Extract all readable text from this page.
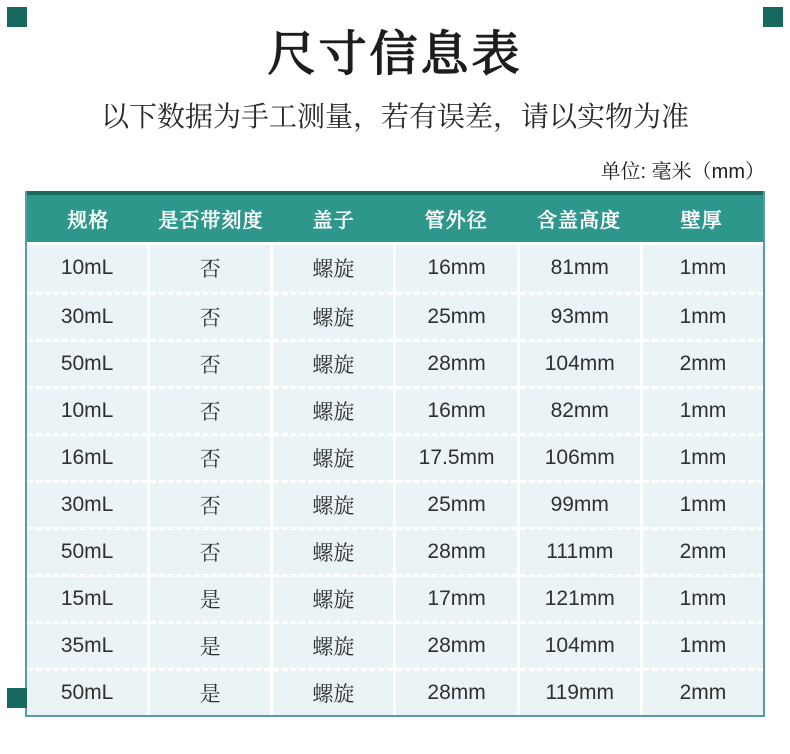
尺寸信息表

以下数据为手工测量，若有误差，请以实物为准

单位: 毫米（mm）
规格	是否带刻度	盖子	管外径	含盖高度	壁厚
10mL	否	螺旋	16mm	81mm	1mm
30mL	否	螺旋	25mm	93mm	1mm
50mL	否	螺旋	28mm	104mm	2mm
10mL	否	螺旋	16mm	82mm	1mm
16mL	否	螺旋	17.5mm	106mm	1mm
30mL	否	螺旋	25mm	99mm	1mm
50mL	否	螺旋	28mm	111mm	2mm
15mL	是	螺旋	17mm	121mm	1mm
35mL	是	螺旋	28mm	104mm	1mm
50mL	是	螺旋	28mm	119mm	2mm
